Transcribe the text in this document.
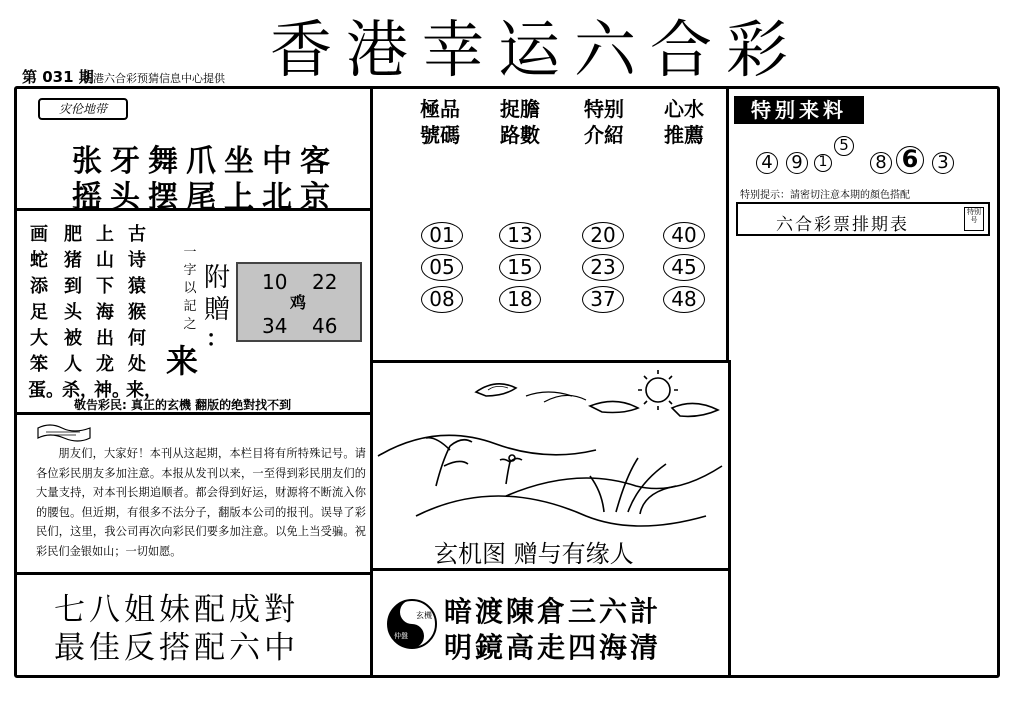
香港幸运六合彩
第 031 期
香港六合彩预猜信息中心提供
灾伦地带
张牙舞爪坐中客
摇头摆尾上北京
古诗猿猴何处来，
上山下海出龙神。
肥猪到头被人杀，
画蛇添足大笨蛋。
一字以記之
附贈
：
来
10 22
鸡
34 46
敬告彩民: 真正的玄機 翻版的绝對找不到
朋友们，大家好！本刊从这起期，本栏目将有所特殊记号。请各位彩民朋友多加注意。本报从发刊以来，一至得到彩民朋友们的大量支持，对本刊长期追顺者。都会得到好运，财源将不断流入你的腰包。但近期，有很多不法分子，翻版本公司的报刊。误导了彩民们，这里，我公司再次向彩民们要多加注意。以免上当受骗。祝彩民们金银如山；一切如愿。
七八姐妹配成對
最佳反搭配六中
極品號碼
捉膽路數
特别介紹
心水推薦
01
05
08
13
15
18
20
23
37
40
45
48
特别来料
4 9	1
5
8 6	3
特别提示：請密切注意本期的顏色搭配
六合彩票排期表
特别号
玄机图 赠与有缘人
玄機
仲盤
暗渡陳倉三六計
明鏡高走四海清
